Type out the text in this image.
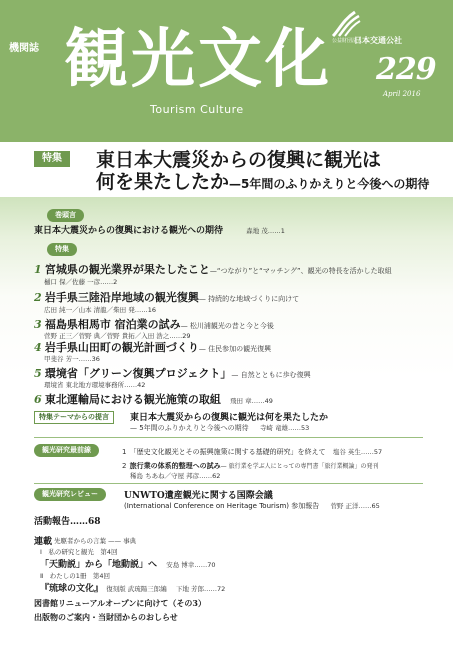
機関誌 観光文化
Tourism Culture
公益財団法人
日本交通公社
229
April 2016
特集	東日本大震災からの復興に観光は
何を果たしたか—5年間のふりかえりと今後への期待
巻頭言
東日本大震災からの復興における観光への期待	森地 茂……1
特集
1 宮城県の観光業界が果たしたこと—“つながり”と“マッチング”、観光の特長を活かした取組
樋口 保／佐藤 一彦……2
2 岩手県三陸沿岸地域の観光復興— 持続的な地域づくりに向けて
広田 純一／山本 清龍／柴田 発……16
3 福島県相馬市 宿泊業の試み— 松川浦観光の昔と今と今後
菅野 正三／菅野 典／菅野 貴拓／入田 浩之……29
4 岩手県山田町の観光計画づくり— 住民参加の観光復興
甲斐谷 芳一……36
5 環境省「グリーン復興プロジェクト」— 自然とともに歩む復興
環境省 東北地方環境事務所……42
6 東北運輸局における観光施策の取組 飛田 章……49
特集テーマからの提言	東日本大震災からの復興に観光は何を果たしたか
— 5年間のふりかえりと今後への期待 寺崎 竜雄……53
観光研究最前線	1 「歴史文化観光とその振興施策に関する基礎的研究」を終えて 塩谷 英生……57
2 旅行業の体系的整理への試み— 旅行業を学ぶ人にとっての専門書「旅行業概論」の発刊
稀島 ちあね／守屋 邦彦……62
観光研究レビュー	UNWTO遺産観光に関する国際会議
(International Conference on Heritage Tourism) 参加報告 菅野 正洋……65
活動報告……68
連載 先駆者からの言葉 —— 事典
Ⅰ　私の研究と観光　第4回
「天動説」から「地動説」へ 安島 博幸……70
Ⅱ　わたしの1冊　第4回
『琉球の文化』 復刻版 武琉陽三郎編 下地 芳郎……72
図書館リニューアルオープンに向けて（その3）
出版物のご案内・当財団からのおしらせ
